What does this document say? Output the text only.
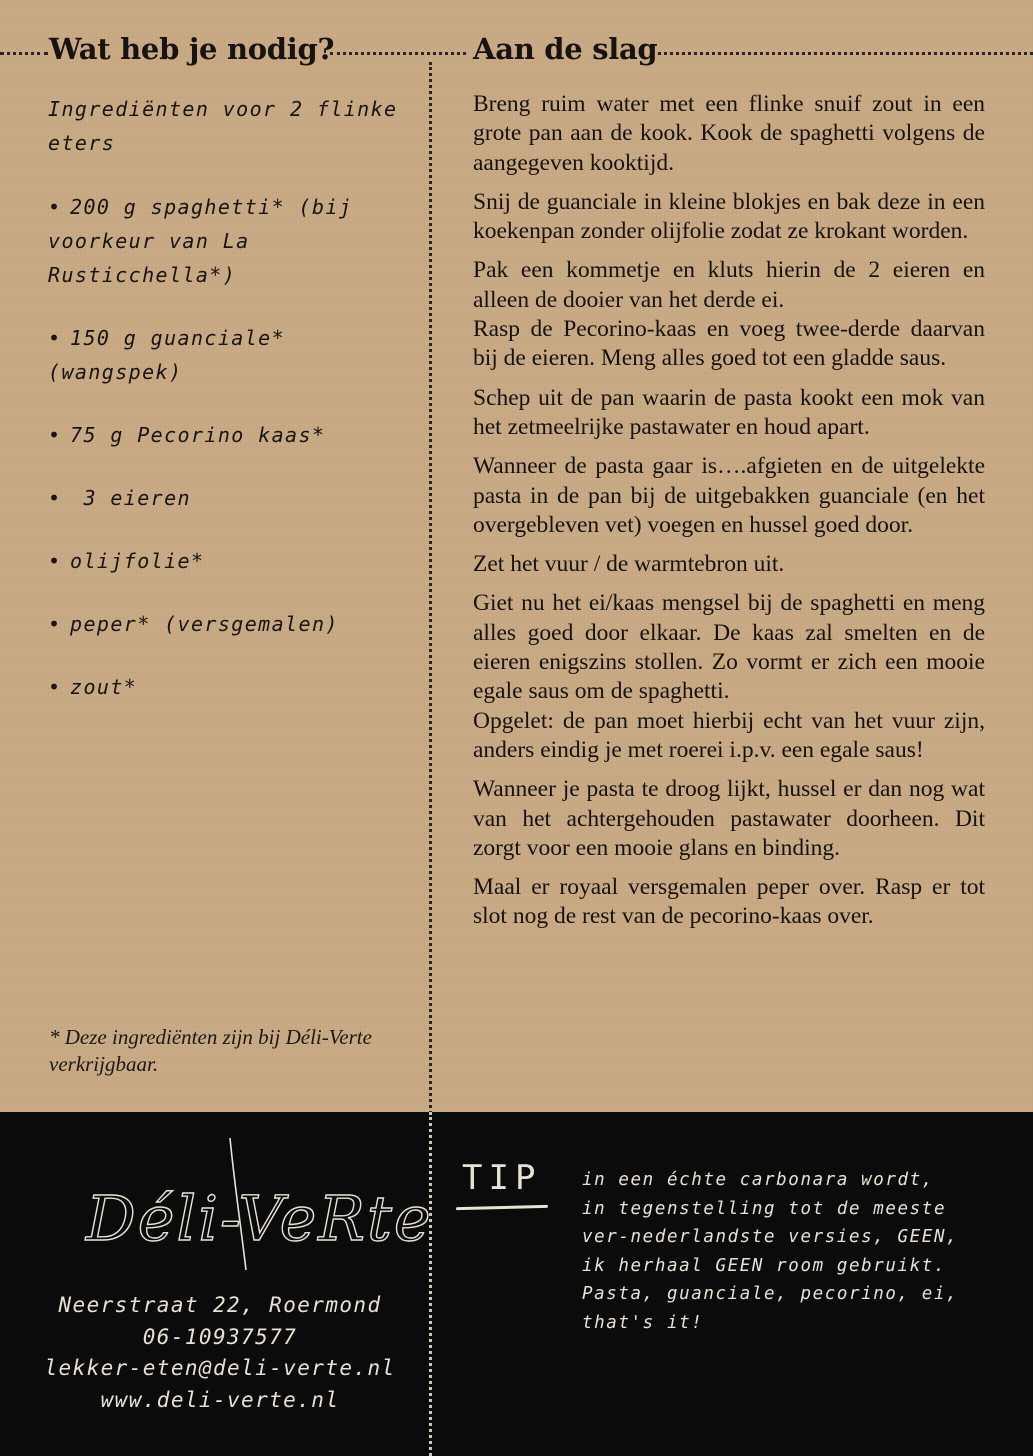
Wat heb je nodig?	Aan de slag
Ingrediënten voor 2 flinke eters
• 200 g spaghetti* (bij voorkeur van La Rusticchella*)
• 150 g guanciale* (wangspek)
• 75 g Pecorino kaas*
• 3 eieren
• olijfolie*
• peper* (versgemalen)
• zout*
* Deze ingrediënten zijn bij Déli-Verte verkrijgbaar.

Breng ruim water met een flinke snuif zout in een grote pan aan de kook. Kook de spaghetti volgens de aangegeven kooktijd.

Snij de guanciale in kleine blokjes en bak deze in een koekenpan zonder olijfolie zodat ze krokant worden.

Pak een kommetje en kluts hierin de 2 eieren en alleen de dooier van het derde ei.
Rasp de Pecorino-kaas en voeg twee-derde daarvan bij de eieren. Meng alles goed tot een gladde saus.

Schep uit de pan waarin de pasta kookt een mok van het zetmeelrijke pastawater en houd apart.

Wanneer de pasta gaar is….afgieten en de uitgelekte pasta in de pan bij de uitgebakken guanciale (en het overgebleven vet) voegen en hussel goed door.

Zet het vuur / de warmtebron uit.

Giet nu het ei/kaas mengsel bij de spaghetti en meng alles goed door elkaar. De kaas zal smelten en de eieren enigszins stollen. Zo vormt er zich een mooie egale saus om de spaghetti.
Opgelet: de pan moet hierbij echt van het vuur zijn, anders eindig je met roerei i.p.v. een egale saus!

Wanneer je pasta te droog lijkt, hussel er dan nog wat van het achtergehouden pastawater doorheen. Dit zorgt voor een mooie glans en binding.

Maal er royaal versgemalen peper over. Rasp er tot slot nog de rest van de pecorino-kaas over.

Déli-VeRte
Neerstraat 22, Roermond
06-10937577
lekker-eten@deli-verte.nl
www.deli-verte.nl
TIP	in een échte carbonara wordt,
in tegenstelling tot de meeste
ver-nederlandste versies, GEEN,
ik herhaal GEEN room gebruikt.
Pasta, guanciale, pecorino, ei,
that's it!
